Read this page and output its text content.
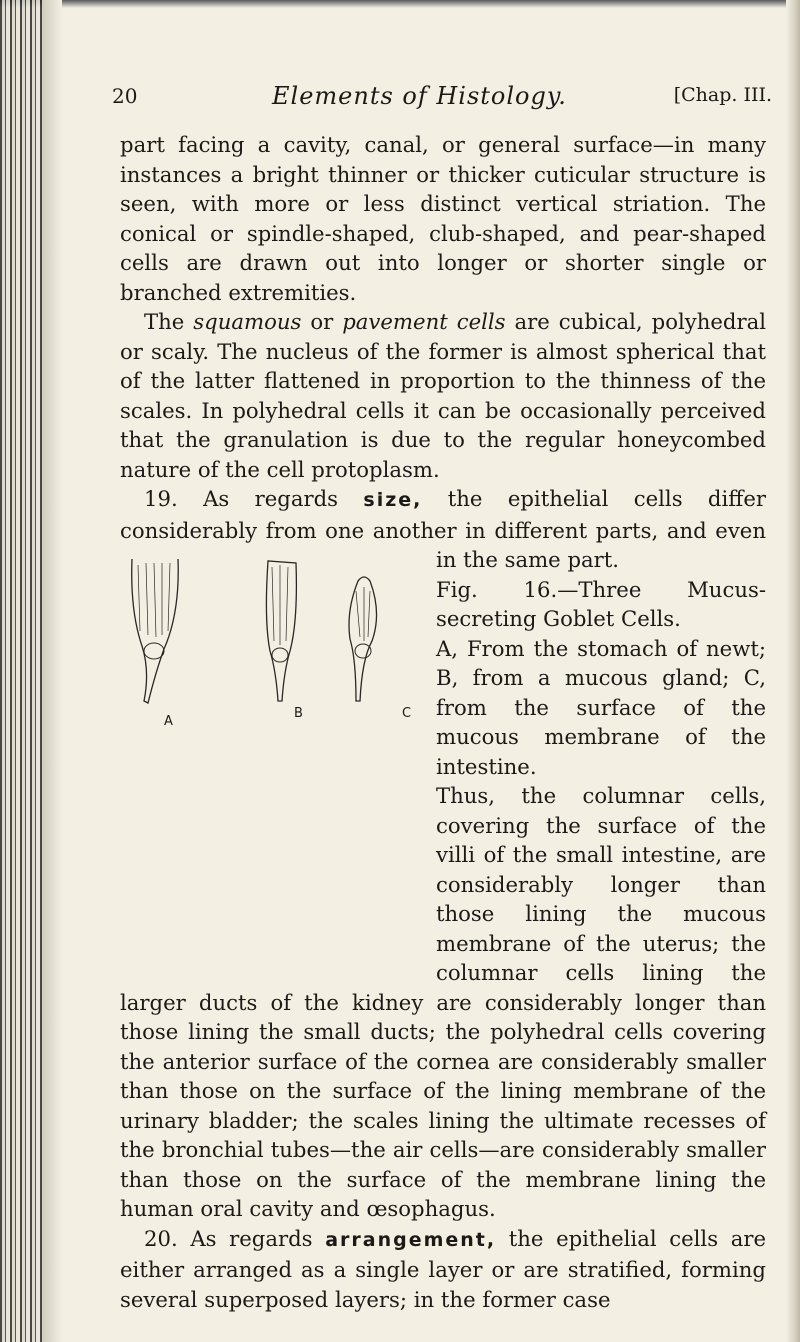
20	Elements of Histology.	[Chap. III.

part facing a cavity, canal, or general surface—in many instances a bright thinner or thicker cuticular structure is seen, with more or less distinct vertical striation. The conical or spindle-shaped, club-shaped, and pear-shaped cells are drawn out into longer or shorter single or branched extremities.

The squamous or pavement cells are cubical, polyhedral or scaly. The nucleus of the former is almost spherical that of the latter flattened in proportion to the thinness of the scales. In polyhedral cells it can be occasionally perceived that the granulation is due to the regular honeycombed nature of the cell protoplasm.

19. As regards size, the epithelial cells differ considerably from one another in different parts, and even in the same part.
A
B	C

Fig. 16.—Three Mucus-secreting Goblet Cells.
A, From the stomach of newt; B, from a mucous gland; C, from the surface of the mucous membrane of the intestine.
Thus, the columnar cells, covering the surface of the villi of the small intestine, are considerably longer than those lining the mucous membrane of the uterus; the columnar cells lining the larger ducts of the kidney are considerably longer than those lining the small ducts; the polyhedral cells covering the anterior surface of the cornea are considerably smaller than those on the surface of the lining membrane of the urinary bladder; the scales lining the ultimate recesses of the bronchial tubes—the air cells—are considerably smaller than those on the surface of the membrane lining the human oral cavity and œsophagus.

20. As regards arrangement, the epithelial cells are either arranged as a single layer or are stratified, forming several superposed layers; in the former case
